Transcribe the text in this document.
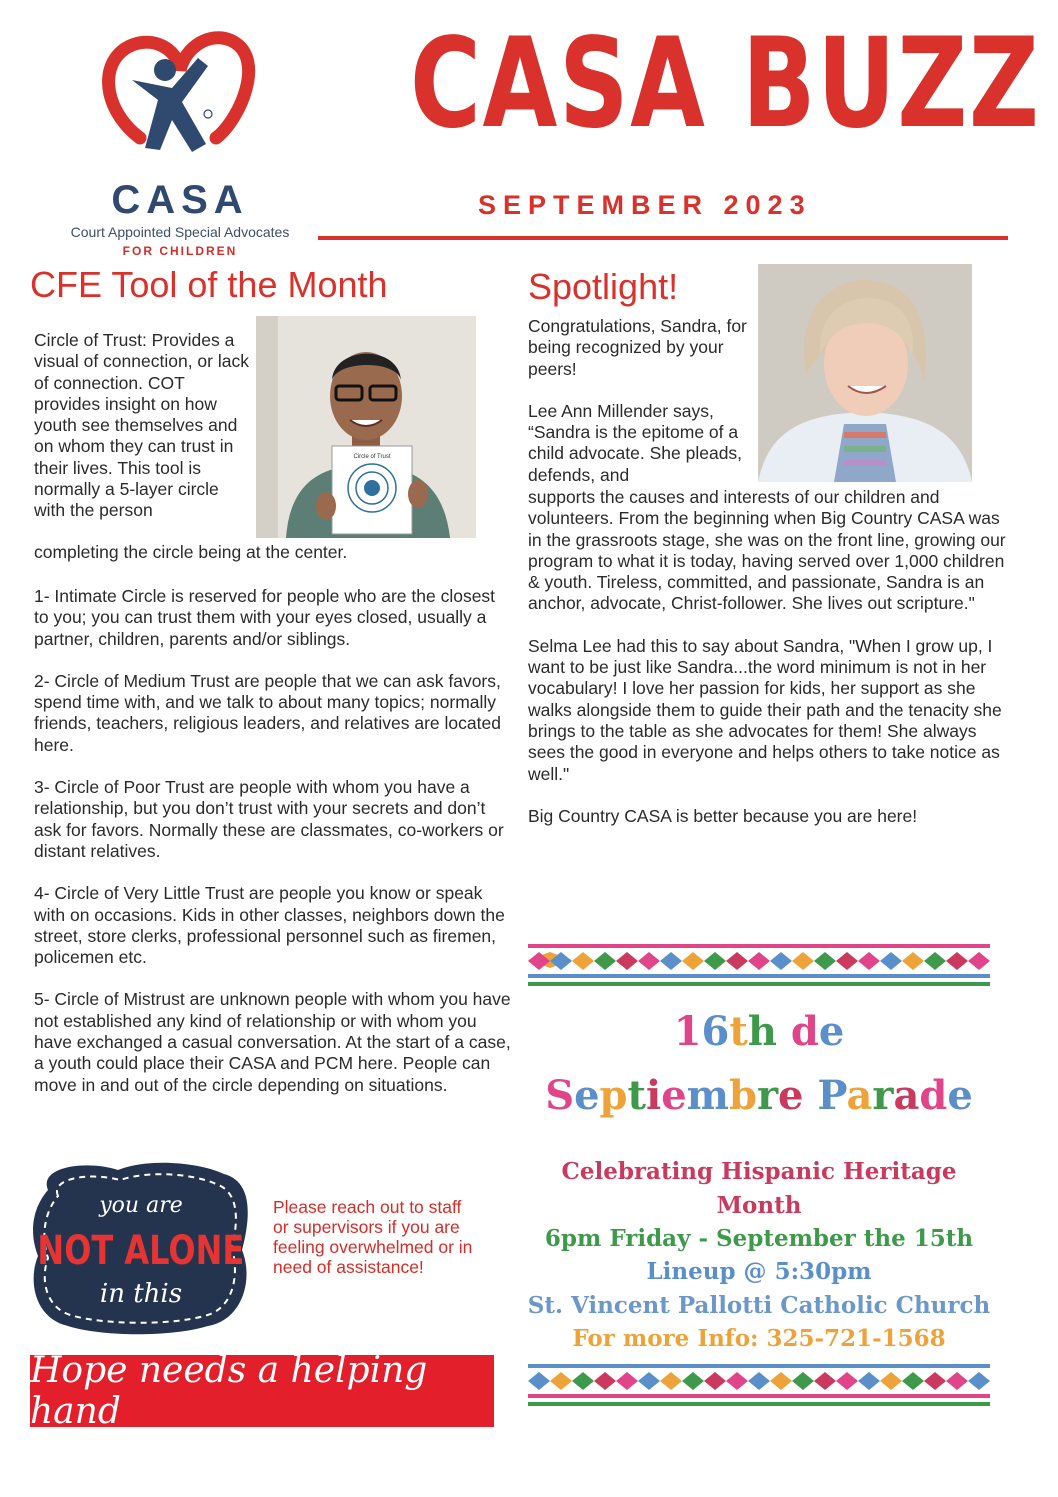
CASA
Court Appointed Special Advocates
FOR CHILDREN
CASA BUZZ
SEPTEMBER 2023
CFE Tool of the Month
Circle of Trust
Circle of Trust: Provides a visual of connection, or lack of connection. COT provides insight on how youth see themselves and on whom they can trust in their lives. This tool is normally a 5-layer circle with the person
completing the circle being at the center.

1- Intimate Circle is reserved for people who are the closest to you; you can trust them with your eyes closed, usually a partner, children, parents and/or siblings.

2- Circle of Medium Trust are people that we can ask favors, spend time with, and we talk to about many topics; normally friends, teachers, religious leaders, and relatives are located here.

3- Circle of Poor Trust are people with whom you have a relationship, but you don’t trust with your secrets and don’t ask for favors. Normally these are classmates, co-workers or distant relatives.

4- Circle of Very Little Trust are people you know or speak with on occasions. Kids in other classes, neighbors down the street, store clerks, professional personnel such as firemen, policemen etc.

5- Circle of Mistrust are unknown people with whom you have not established any kind of relationship or with whom you have exchanged a casual conversation. At the start of a case, a youth could place their CASA and PCM here. People can move in and out of the circle depending on situations.

you are
NOT ALONE
in this
Please reach out to staff or supervisors if you are feeling overwhelmed or in need of assistance!
Hope needs a helping hand
Spotlight!

Congratulations, Sandra, for being recognized by your peers!

Lee Ann Millender says, “Sandra is the epitome of a child advocate. She pleads, defends, and

supports the causes and interests of our children and volunteers. From the beginning when Big Country CASA was in the grassroots stage, she was on the front line, growing our program to what it is today, having served over 1,000 children & youth. Tireless, committed, and passionate, Sandra is an anchor, advocate, Christ-follower. She lives out scripture."

Selma Lee had this to say about Sandra, "When I grow up, I want to be just like Sandra...the word minimum is not in her vocabulary! I love her passion for kids, her support as she walks alongside them to guide their path and the tenacity she brings to the table as she advocates for them! She always sees the good in everyone and helps others to take notice as well."

Big Country CASA is better because you are here!

16th de
Septiembre Parade
Celebrating Hispanic Heritage Month
6pm Friday - September the 15th
Lineup @ 5:30pm
St. Vincent Pallotti Catholic Church
For more Info: 325-721-1568
